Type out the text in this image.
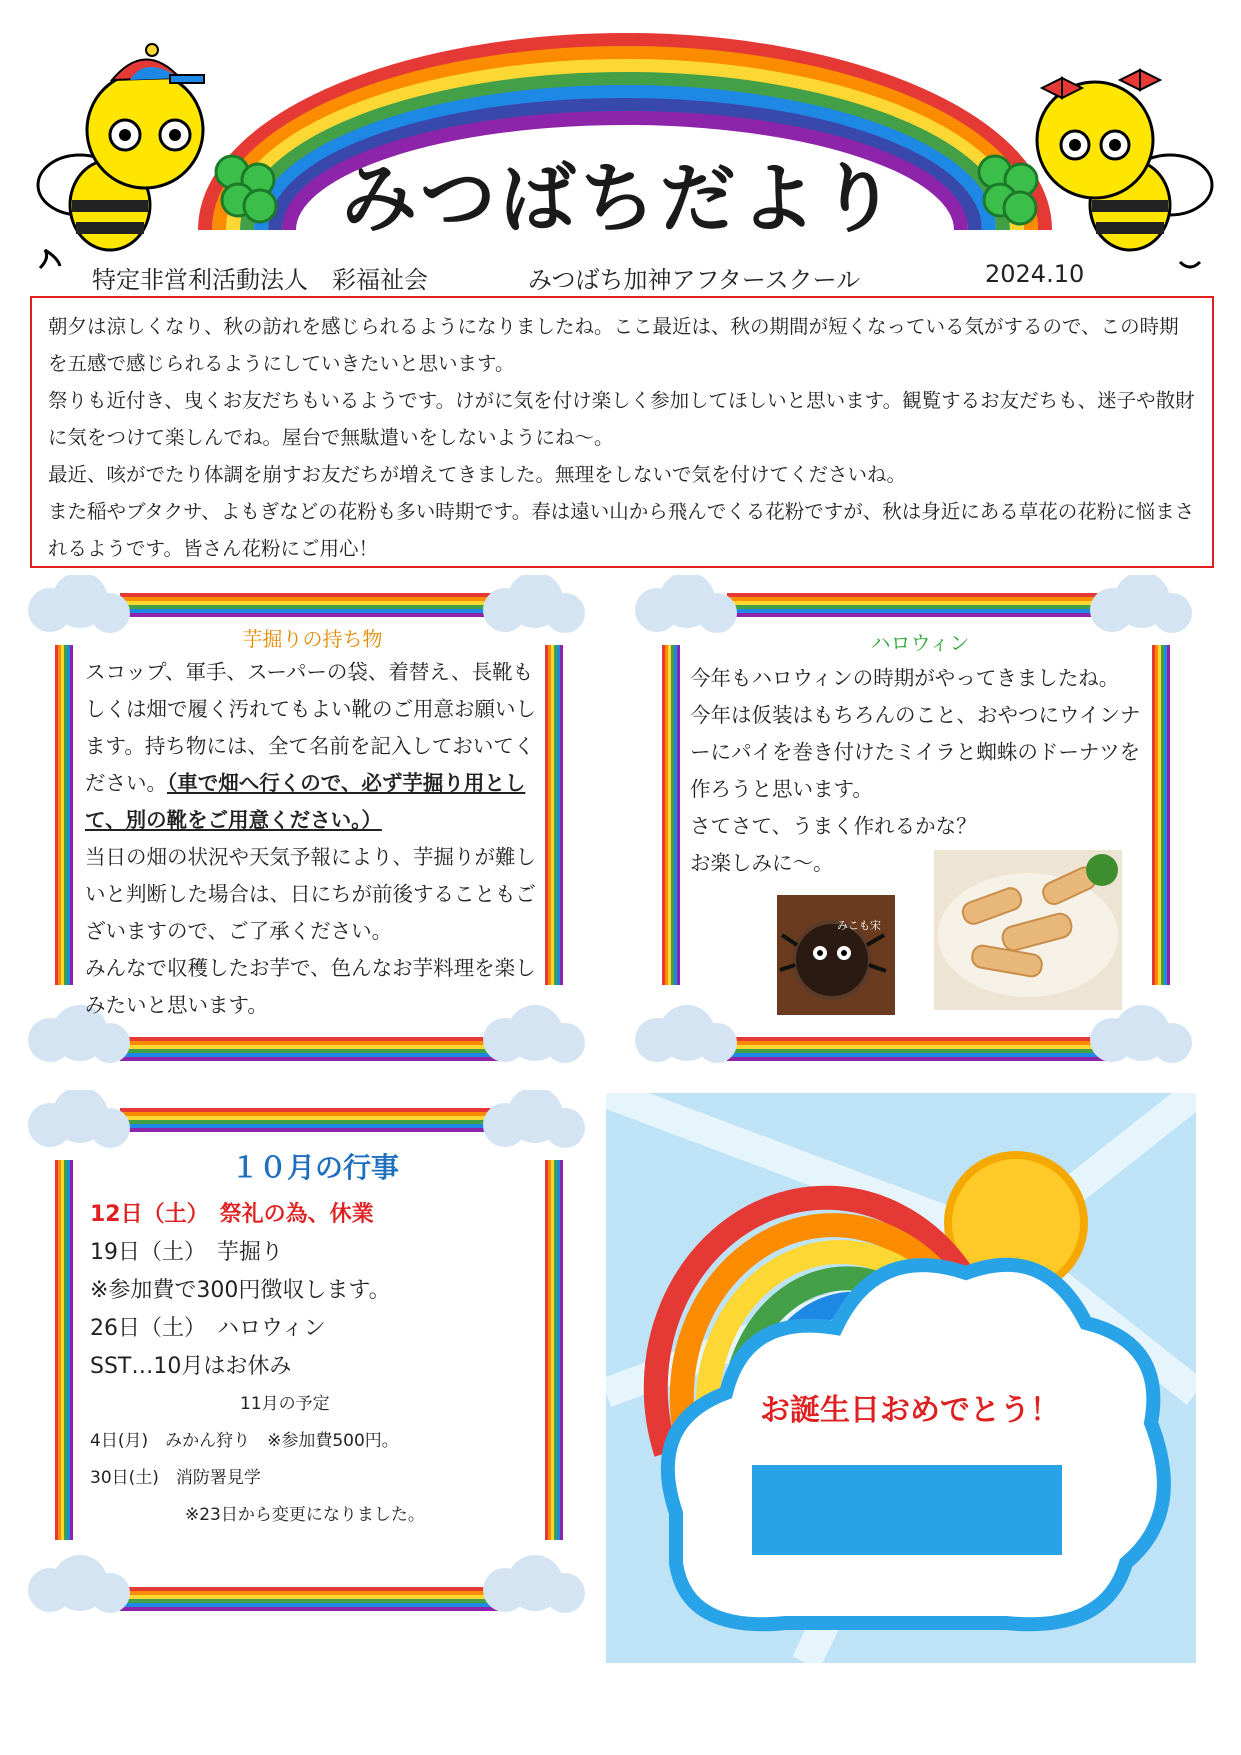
みつばちだより
特定非営利活動法人　彩福祉会	みつばち加神アフタースクール	2024.10

朝夕は涼しくなり、秋の訪れを感じられるようになりましたね。ここ最近は、秋の期間が短くなっている気がするので、この時期を五感で感じられるようにしていきたいと思います。

祭りも近付き、曳くお友だちもいるようです。けがに気を付け楽しく参加してほしいと思います。観覧するお友だちも、迷子や散財に気をつけて楽しんでね。屋台で無駄遣いをしないようにね〜。

最近、咳がでたり体調を崩すお友だちが増えてきました。無理をしないで気を付けてくださいね。

また稲やブタクサ、よもぎなどの花粉も多い時期です。春は遠い山から飛んでくる花粉ですが、秋は身近にある草花の花粉に悩まされるようです。皆さん花粉にご用心！

芋掘りの持ち物
スコップ、軍手、スーパーの袋、着替え、長靴もしくは畑で履く汚れてもよい靴のご用意お願いします。持ち物には、全て名前を記入しておいてください。（車で畑へ行くので、必ず芋掘り用として、別の靴をご用意ください。）
当日の畑の状況や天気予報により、芋掘りが難しいと判断した場合は、日にちが前後することもございますので、ご了承ください。
みんなで収穫したお芋で、色んなお芋料理を楽しみたいと思います。
みこも宋
ハロウィン
今年もハロウィンの時期がやってきましたね。
今年は仮装はもちろんのこと、おやつにウインナーにパイを巻き付けたミイラと蜘蛛のドーナツを作ろうと思います。
さてさて、うまく作れるかな？
お楽しみに〜。
１０月の行事
12日（土）　祭礼の為、休業
19日（土）　芋掘り
※参加費で300円徴収します。
26日（土）　ハロウィン
SST…10月はお休み
11月の予定
4日(月)　みかん狩り　※参加費500円。
30日(土)　消防署見学
※23日から変更になりました。
お誕生日おめでとう！
